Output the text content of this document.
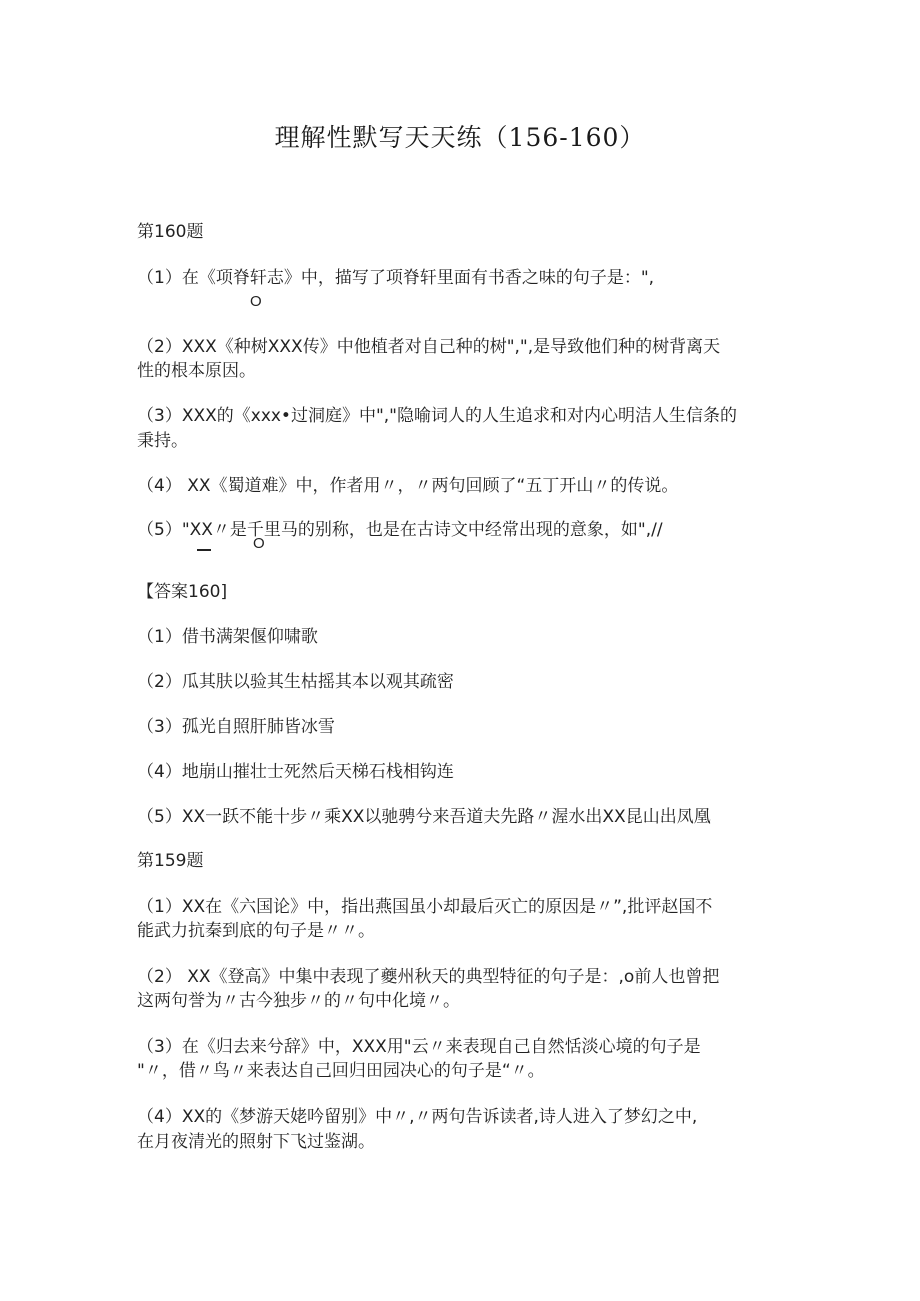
理解性默写天天练（156-160）
第160题
（1）在《项脊轩志》中，描写了项脊轩里面有书香之味的句子是：",
O
（2）XXX《种树XXX传》中他植者对自己种的树",",是导致他们种的树背离天
性的根本原因。
（3）XXX的《xxx•过洞庭》中","隐喻词人的人生追求和对内心明洁人生信条的
秉持。
（4） XX《蜀道难》中，作者用〃，〃两句回顾了“五丁开山〃的传说。
（5）"XX〃是千里马的别称，也是在古诗文中经常出现的意象，如",//
O
【答案160]
（1）借书满架偃仰啸歌
（2）瓜其肤以验其生枯摇其本以观其疏密
（3）孤光自照肝肺皆冰雪
（4）地崩山摧壮士死然后天梯石栈相钩连
（5）XX一跃不能十步〃乘XX以驰骋兮来吾道夫先路〃渥水出XX昆山出凤凰
第159题
（1）XX在《六国论》中，指出燕国虽小却最后灭亡的原因是〃”,批评赵国不
能武力抗秦到底的句子是〃〃。
（2） XX《登高》中集中表现了夔州秋天的典型特征的句子是：,o前人也曾把
这两句誉为〃古今独步〃的〃句中化境〃。
（3）在《归去来兮辞》中，XXX用"云〃来表现自己自然恬淡心境的句子是
"〃，借〃鸟〃来表达自己回归田园决心的句子是“〃。
（4）XX的《梦游天姥吟留别》中〃,〃两句告诉读者,诗人进入了梦幻之中,
在月夜清光的照射下飞过鉴湖。
